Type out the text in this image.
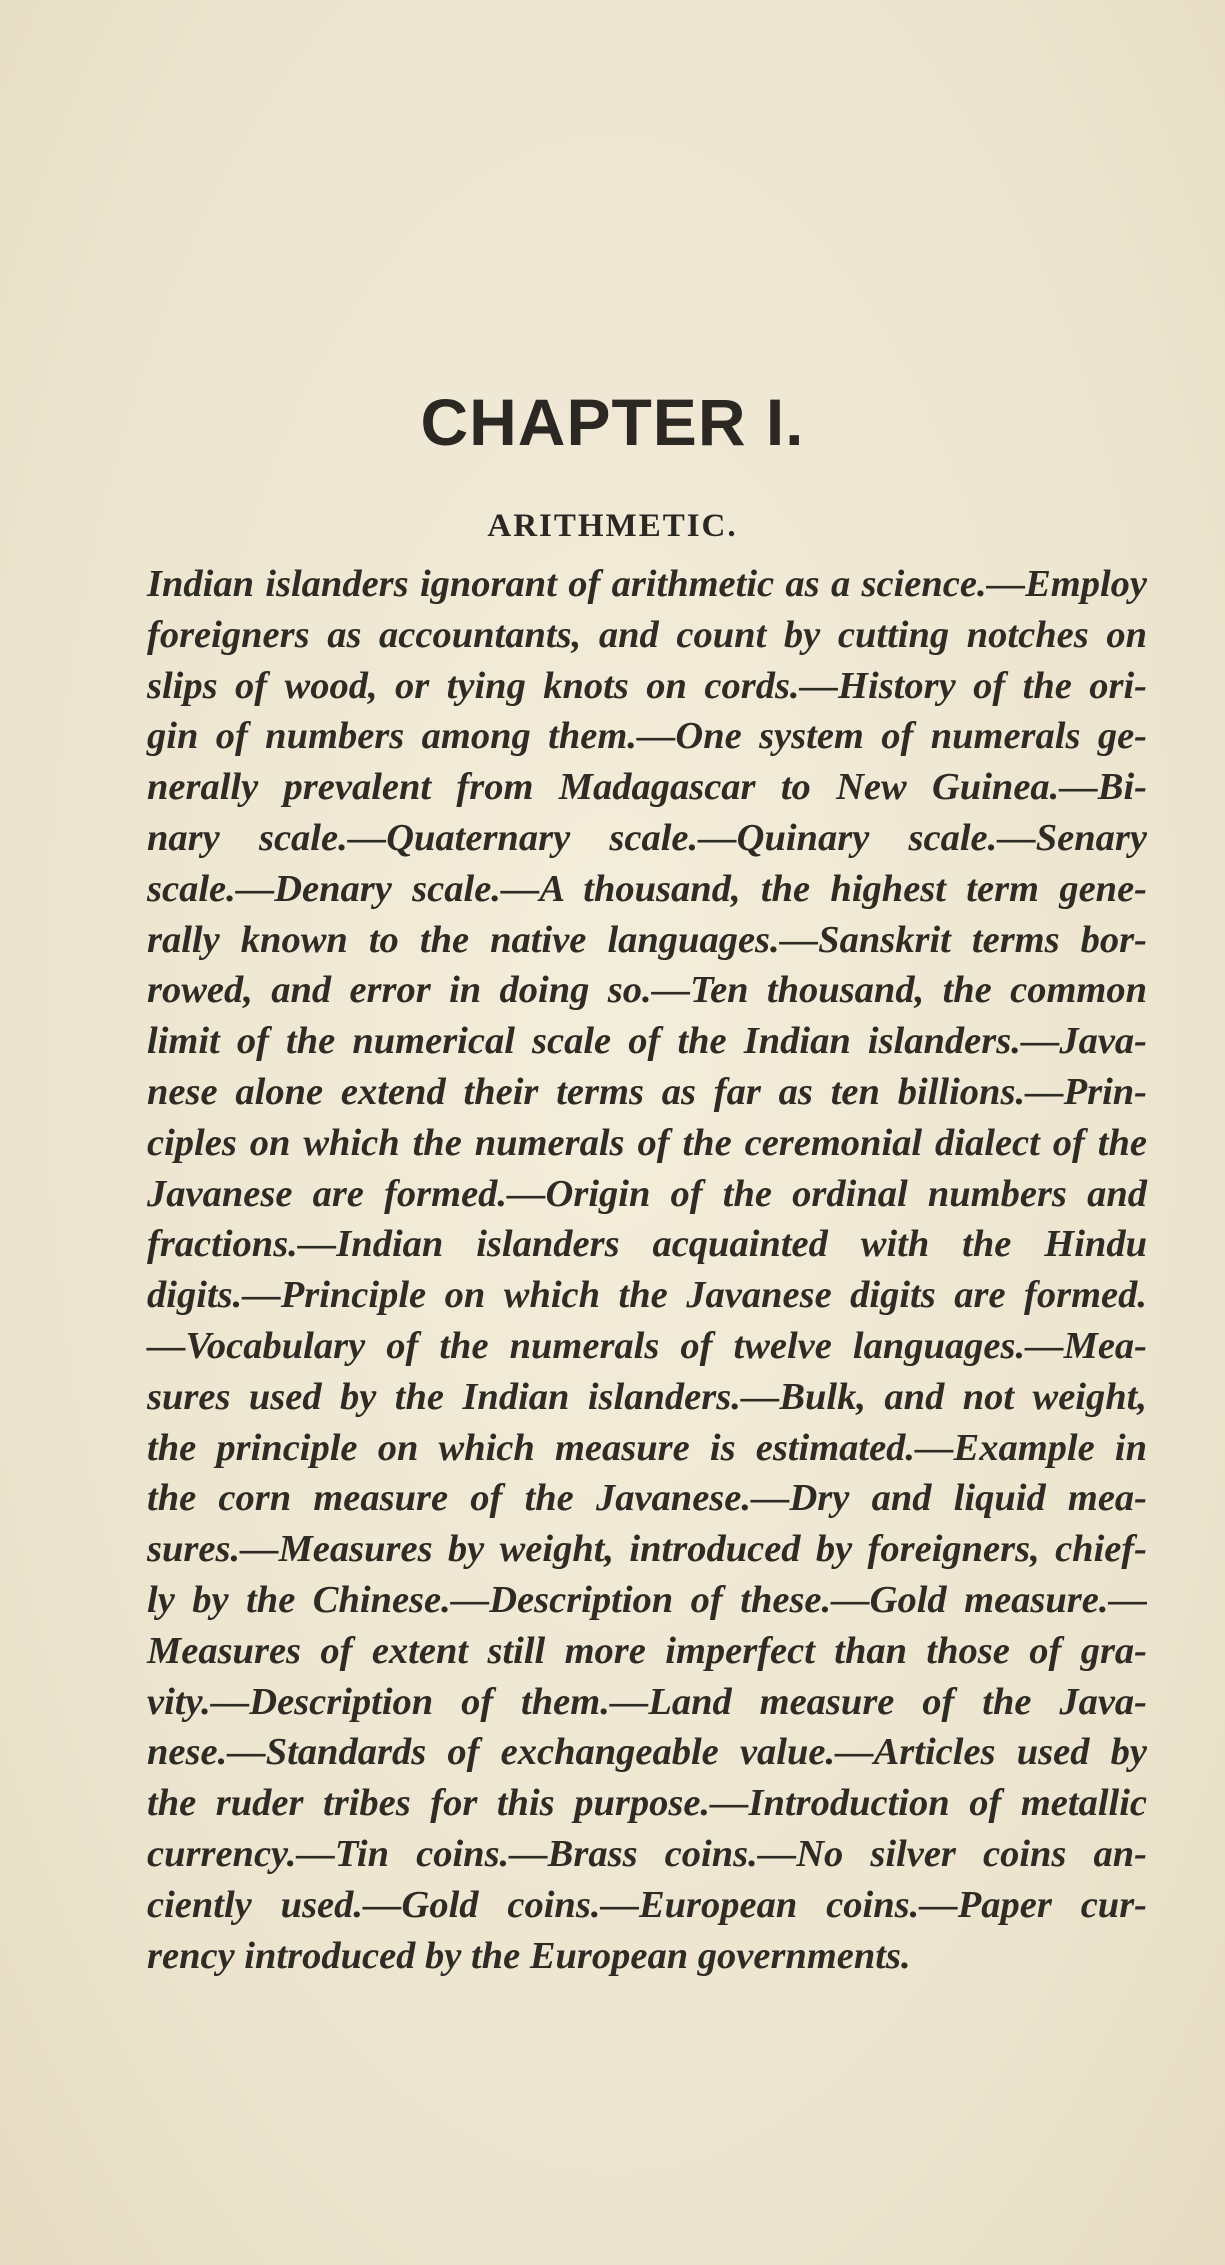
CHAPTER I.
ARITHMETIC.

Indian islanders ignorant of arithmetic as a science.—Employ
foreigners as accountants, and count by cutting notches on
slips of wood, or tying knots on cords.—History of the ori-
gin of numbers among them.—One system of numerals ge-
nerally prevalent from Madagascar to New Guinea.—Bi-
nary scale.—Quaternary scale.—Quinary scale.—Senary
scale.—Denary scale.—A thousand, the highest term gene-
rally known to the native languages.—Sanskrit terms bor-
rowed, and error in doing so.—Ten thousand, the common
limit of the numerical scale of the Indian islanders.—Java-
nese alone extend their terms as far as ten billions.—Prin-
ciples on which the numerals of the ceremonial dialect of the
Javanese are formed.—Origin of the ordinal numbers and
fractions.—Indian islanders acquainted with the Hindu
digits.—Principle on which the Javanese digits are formed.
—Vocabulary of the numerals of twelve languages.—Mea-
sures used by the Indian islanders.—Bulk, and not weight,
the principle on which measure is estimated.—Example in
the corn measure of the Javanese.—Dry and liquid mea-
sures.—Measures by weight, introduced by foreigners, chief-
ly by the Chinese.—Description of these.—Gold measure.—
Measures of extent still more imperfect than those of gra-
vity.—Description of them.—Land measure of the Java-
nese.—Standards of exchangeable value.—Articles used by
the ruder tribes for this purpose.—Introduction of metallic
currency.—Tin coins.—Brass coins.—No silver coins an-
ciently used.—Gold coins.—European coins.—Paper cur-
rency introduced by the European governments.
